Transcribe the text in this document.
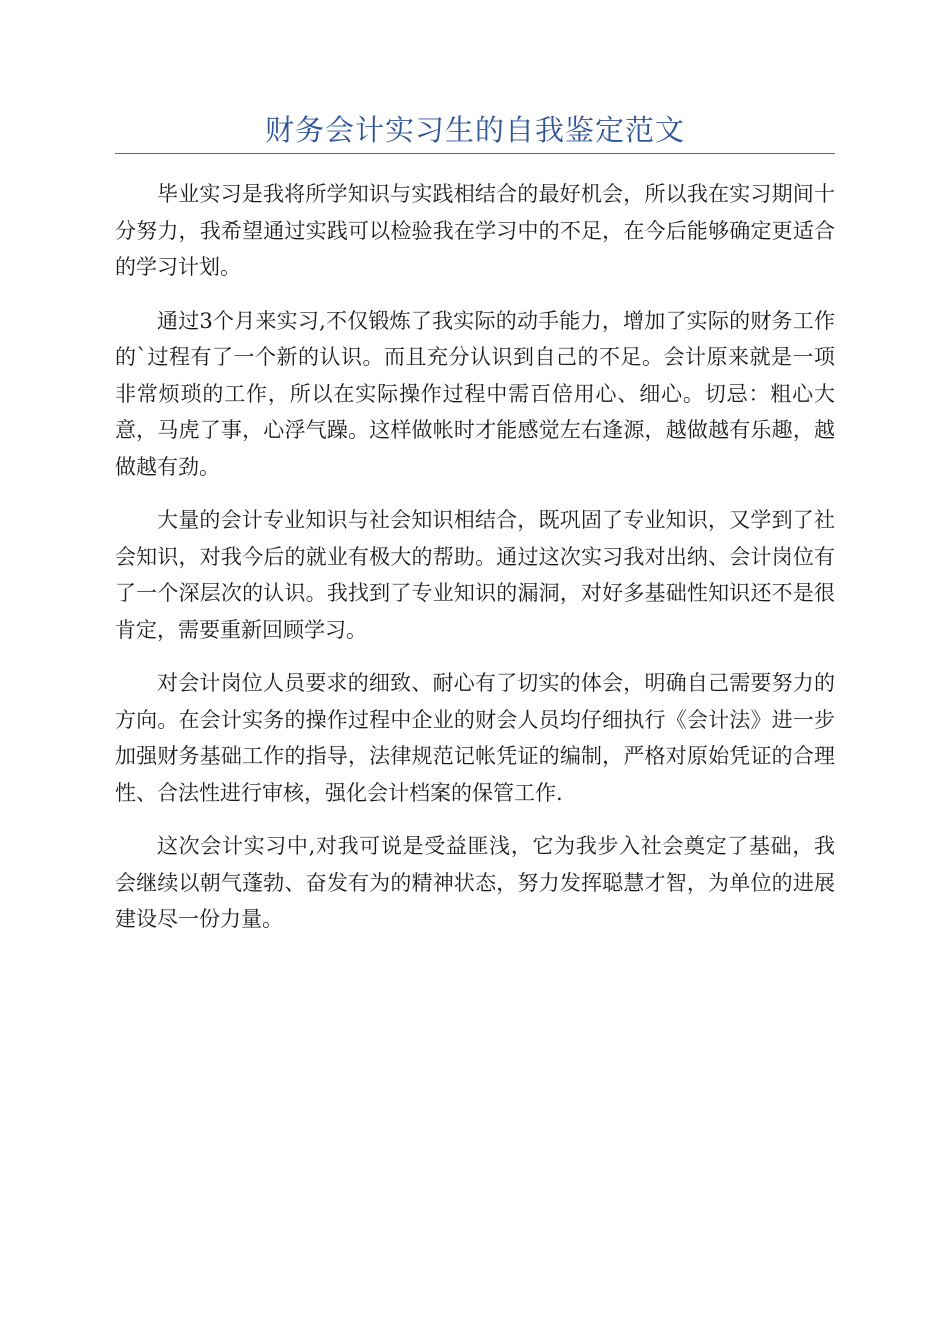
财务会计实习生的自我鉴定范文

毕业实习是我将所学知识与实践相结合的最好机会，所以我在实习期间十分努力，我希望通过实践可以检验我在学习中的不足，在今后能够确定更适合的学习计划。

通过3个月来实习,不仅锻炼了我实际的动手能力，增加了实际的财务工作的`过程有了一个新的认识。而且充分认识到自己的不足。会计原来就是一项非常烦琐的工作，所以在实际操作过程中需百倍用心、细心。切忌：粗心大意，马虎了事，心浮气躁。这样做帐时才能感觉左右逢源，越做越有乐趣，越做越有劲。

大量的会计专业知识与社会知识相结合，既巩固了专业知识，又学到了社会知识，对我今后的就业有极大的帮助。通过这次实习我对出纳、会计岗位有了一个深层次的认识。我找到了专业知识的漏洞，对好多基础性知识还不是很肯定，需要重新回顾学习。

对会计岗位人员要求的细致、耐心有了切实的体会，明确自己需要努力的方向。在会计实务的操作过程中企业的财会人员均仔细执行《会计法》进一步加强财务基础工作的指导，法律规范记帐凭证的编制，严格对原始凭证的合理性、合法性进行审核，强化会计档案的保管工作.

这次会计实习中,对我可说是受益匪浅，它为我步入社会奠定了基础，我会继续以朝气蓬勃、奋发有为的精神状态，努力发挥聪慧才智，为单位的进展建设尽一份力量。
